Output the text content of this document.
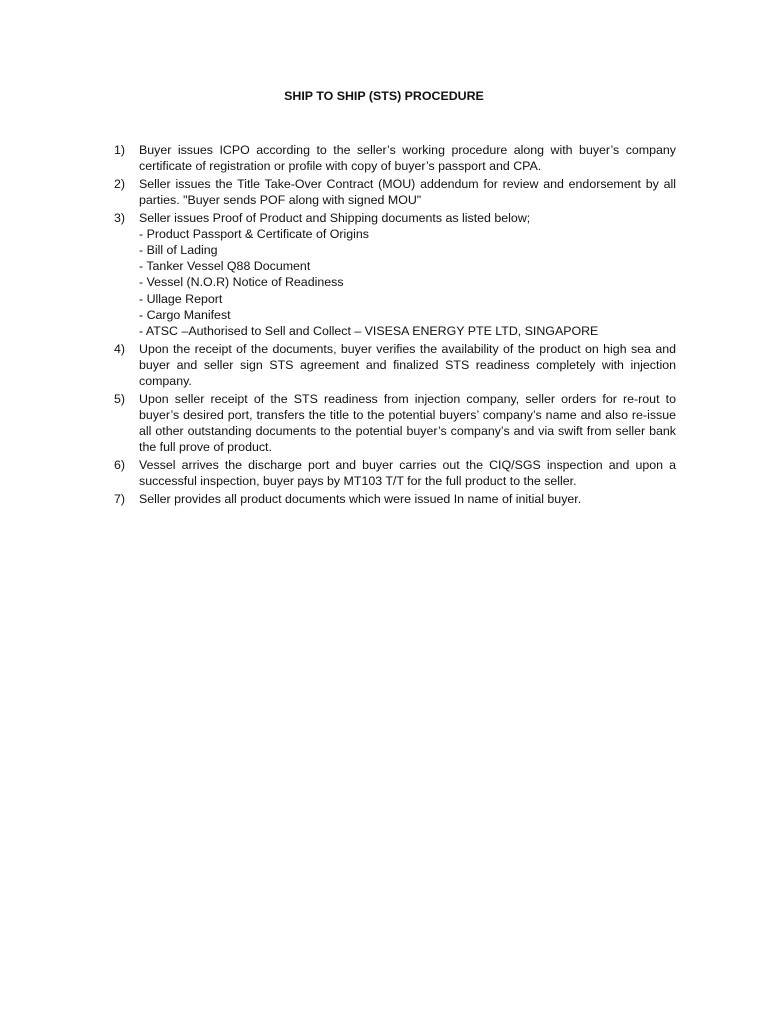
SHIP TO SHIP (STS) PROCEDURE
1)	Buyer issues ICPO according to the seller’s working procedure along with buyer’s company certificate of registration or profile with copy of buyer’s passport and CPA.
2)	Seller issues the Title Take-Over Contract (MOU) addendum for review and endorsement by all parties. "Buyer sends POF along with signed MOU"
3)	Seller issues Proof of Product and Shipping documents as listed below;
- Product Passport & Certificate of Origins
- Bill of Lading
- Tanker Vessel Q88 Document
- Vessel (N.O.R) Notice of Readiness
- Ullage Report
- Cargo Manifest
- ATSC –Authorised to Sell and Collect – VISESA ENERGY PTE LTD, SINGAPORE
4)	Upon the receipt of the documents, buyer verifies the availability of the product on high sea and buyer and seller sign STS agreement and finalized STS readiness completely with injection company.
5)	Upon seller receipt of the STS readiness from injection company, seller orders for re-rout to buyer’s desired port, transfers the title to the potential buyers’ company’s name and also re-issue all other outstanding documents to the potential buyer’s company’s and via swift from seller bank the full prove of product.
6)	Vessel arrives the discharge port and buyer carries out the CIQ/SGS inspection and upon a successful inspection, buyer pays by MT103 T/T for the full product to the seller.
7)	Seller provides all product documents which were issued In name of initial buyer.
